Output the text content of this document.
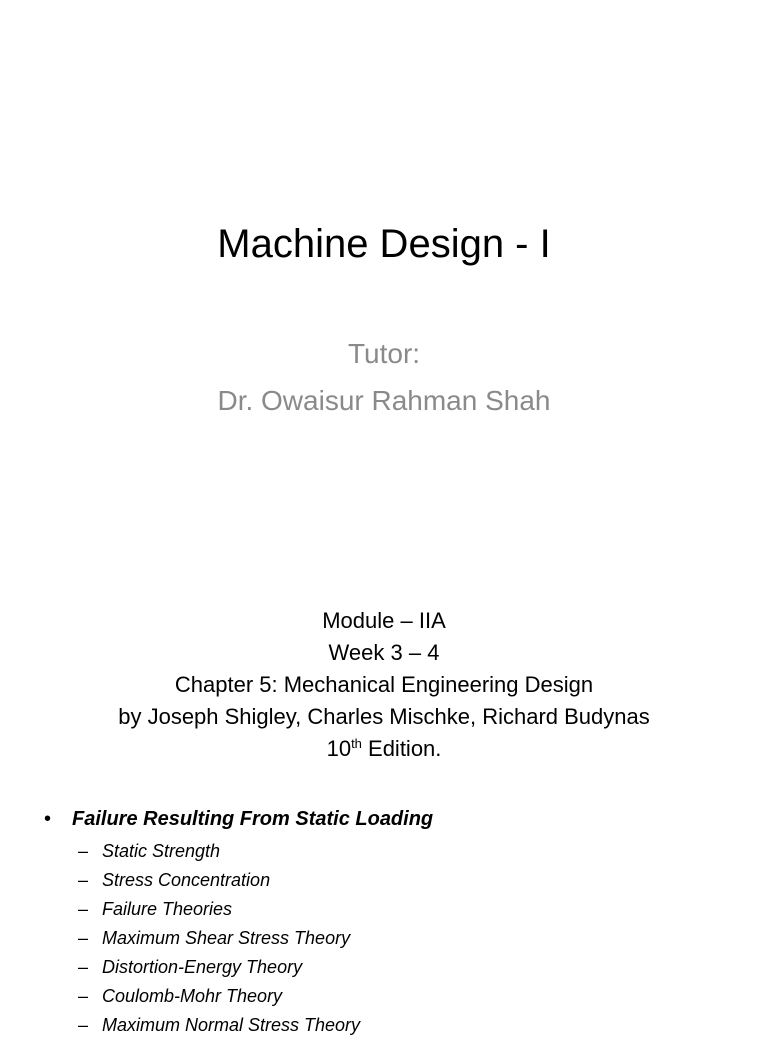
Machine Design - I
Tutor:
Dr. Owaisur Rahman Shah
Module – IIA
Week 3 – 4
Chapter 5: Mechanical Engineering Design
by Joseph Shigley, Charles Mischke, Richard Budynas
10th Edition.
• Failure Resulting From Static Loading
– Static Strength
– Stress Concentration
– Failure Theories
– Maximum Shear Stress Theory
– Distortion-Energy Theory
– Coulomb-Mohr Theory
– Maximum Normal Stress Theory
